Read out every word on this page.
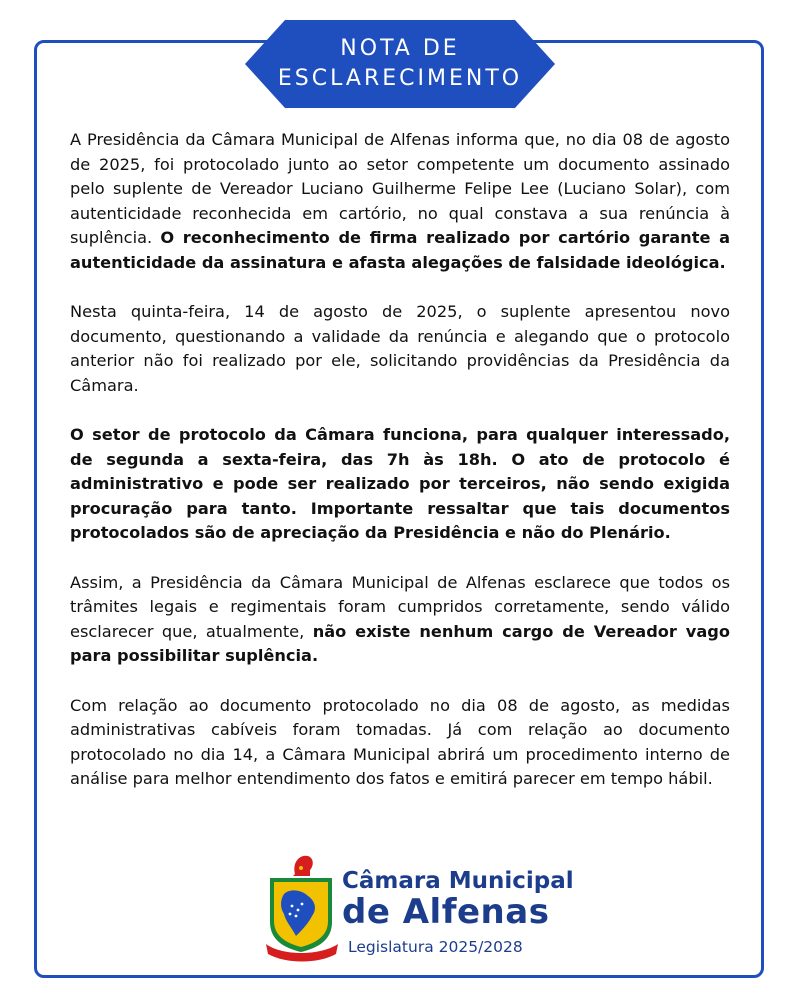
NOTA DE
ESCLARECIMENTO

A Presidência da Câmara Municipal de Alfenas informa que, no dia 08 de agosto de 2025, foi protocolado junto ao setor competente um documento assinado pelo suplente de Vereador Luciano Guilherme Felipe Lee (Luciano Solar), com autenticidade reconhecida em cartório, no qual constava a sua renúncia à suplência. O reconhecimento de firma realizado por cartório garante a autenticidade da assinatura e afasta alegações de falsidade ideológica.

Nesta quinta-feira, 14 de agosto de 2025, o suplente apresentou novo documento, questionando a validade da renúncia e alegando que o protocolo anterior não foi realizado por ele, solicitando providências da Presidência da Câmara.

O setor de protocolo da Câmara funciona, para qualquer interessado, de segunda a sexta-feira, das 7h às 18h. O ato de protocolo é administrativo e pode ser realizado por terceiros, não sendo exigida procuração para tanto. Importante ressaltar que tais documentos protocolados são de apreciação da Presidência e não do Plenário.

Assim, a Presidência da Câmara Municipal de Alfenas esclarece que todos os trâmites legais e regimentais foram cumpridos corretamente, sendo válido esclarecer que, atualmente, não existe nenhum cargo de Vereador vago para possibilitar suplência.

Com relação ao documento protocolado no dia 08 de agosto, as medidas administrativas cabíveis foram tomadas. Já com relação ao documento protocolado no dia 14, a Câmara Municipal abrirá um procedimento interno de análise para melhor entendimento dos fatos e emitirá parecer em tempo hábil.

Câmara Municipal
de Alfenas
Legislatura 2025/2028
